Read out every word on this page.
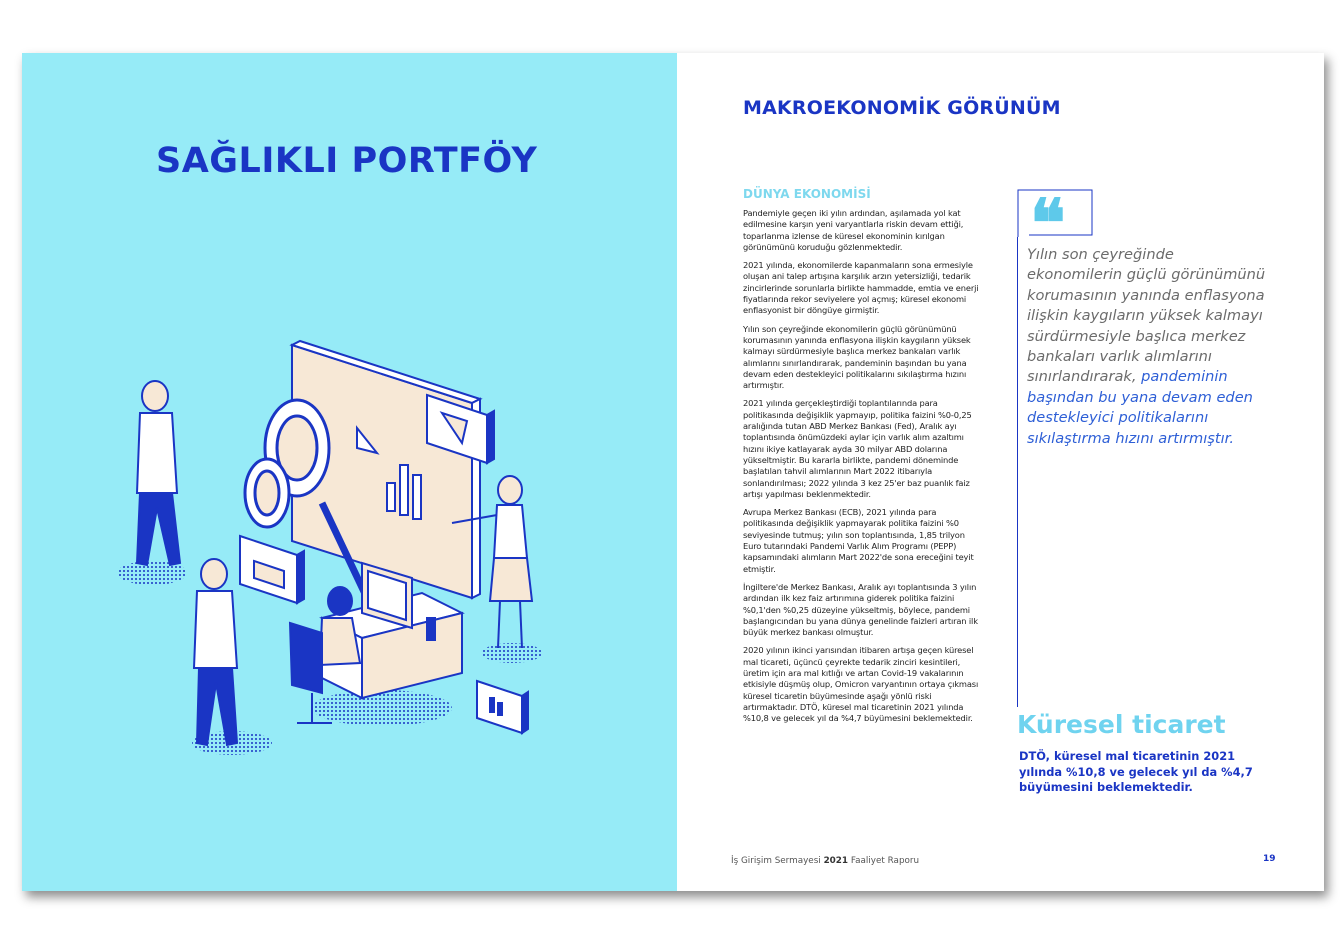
SAĞLIKLI PORTFÖY
MAKROEKONOMİK GÖRÜNÜM
DÜNYA EKONOMİSİ

Pandemiyle geçen iki yılın ardından, aşılamada yol kat edilmesine karşın yeni varyantlarla riskin devam ettiği, toparlanma izlense de küresel ekonominin kırılgan görünümünü koruduğu gözlenmektedir.

2021 yılında, ekonomilerde kapanmaların sona ermesiyle oluşan ani talep artışına karşılık arzın yetersizliği, tedarik zincirlerinde sorunlarla birlikte hammadde, emtia ve enerji fiyatlarında rekor seviyelere yol açmış; küresel ekonomi enflasyonist bir döngüye girmiştir.

Yılın son çeyreğinde ekonomilerin güçlü görünümünü korumasının yanında enflasyona ilişkin kaygıların yüksek kalmayı sürdürmesiyle başlıca merkez bankaları varlık alımlarını sınırlandırarak, pandeminin başından bu yana devam eden destekleyici politikalarını sıkılaştırma hızını artırmıştır.

2021 yılında gerçekleştirdiği toplantılarında para politikasında değişiklik yapmayıp, politika faizini %0-0,25 aralığında tutan ABD Merkez Bankası (Fed), Aralık ayı toplantısında önümüzdeki aylar için varlık alım azaltımı hızını ikiye katlayarak ayda 30 milyar ABD dolarına yükseltmiştir. Bu kararla birlikte, pandemi döneminde başlatılan tahvil alımlarının Mart 2022 itibarıyla sonlandırılması; 2022 yılında 3 kez 25'er baz puanlık faiz artışı yapılması beklenmektedir.

Avrupa Merkez Bankası (ECB), 2021 yılında para politikasında değişiklik yapmayarak politika faizini %0 seviyesinde tutmuş; yılın son toplantısında, 1,85 trilyon Euro tutarındaki Pandemi Varlık Alım Programı (PEPP) kapsamındaki alımların Mart 2022'de sona ereceğini teyit etmiştir.

İngiltere'de Merkez Bankası, Aralık ayı toplantısında 3 yılın ardından ilk kez faiz artırımına giderek politika faizini %0,1'den %0,25 düzeyine yükseltmiş, böylece, pandemi başlangıcından bu yana dünya genelinde faizleri artıran ilk büyük merkez bankası olmuştur.

2020 yılının ikinci yarısından itibaren artışa geçen küresel mal ticareti, üçüncü çeyrekte tedarik zinciri kesintileri, üretim için ara mal kıtlığı ve artan Covid-19 vakalarının etkisiyle düşmüş olup, Omicron varyantının ortaya çıkması küresel ticaretin büyümesinde aşağı yönlü riski artırmaktadır. DTÖ, küresel mal ticaretinin 2021 yılında %10,8 ve gelecek yıl da %4,7 büyümesini beklemektedir.

❝

Yılın son çeyreğinde ekonomilerin güçlü görünümünü korumasının yanında enflasyona ilişkin kaygıların yüksek kalmayı sürdürmesiyle başlıca merkez bankaları varlık alımlarını sınırlandırarak, pandeminin başından bu yana devam eden destekleyici politikalarını sıkılaştırma hızını artırmıştır.

Küresel ticaret

DTÖ, küresel mal ticaretinin 2021 yılında %10,8 ve gelecek yıl da %4,7 büyümesini beklemektedir.

İş Girişim Sermayesi 2021 Faaliyet Raporu	19
